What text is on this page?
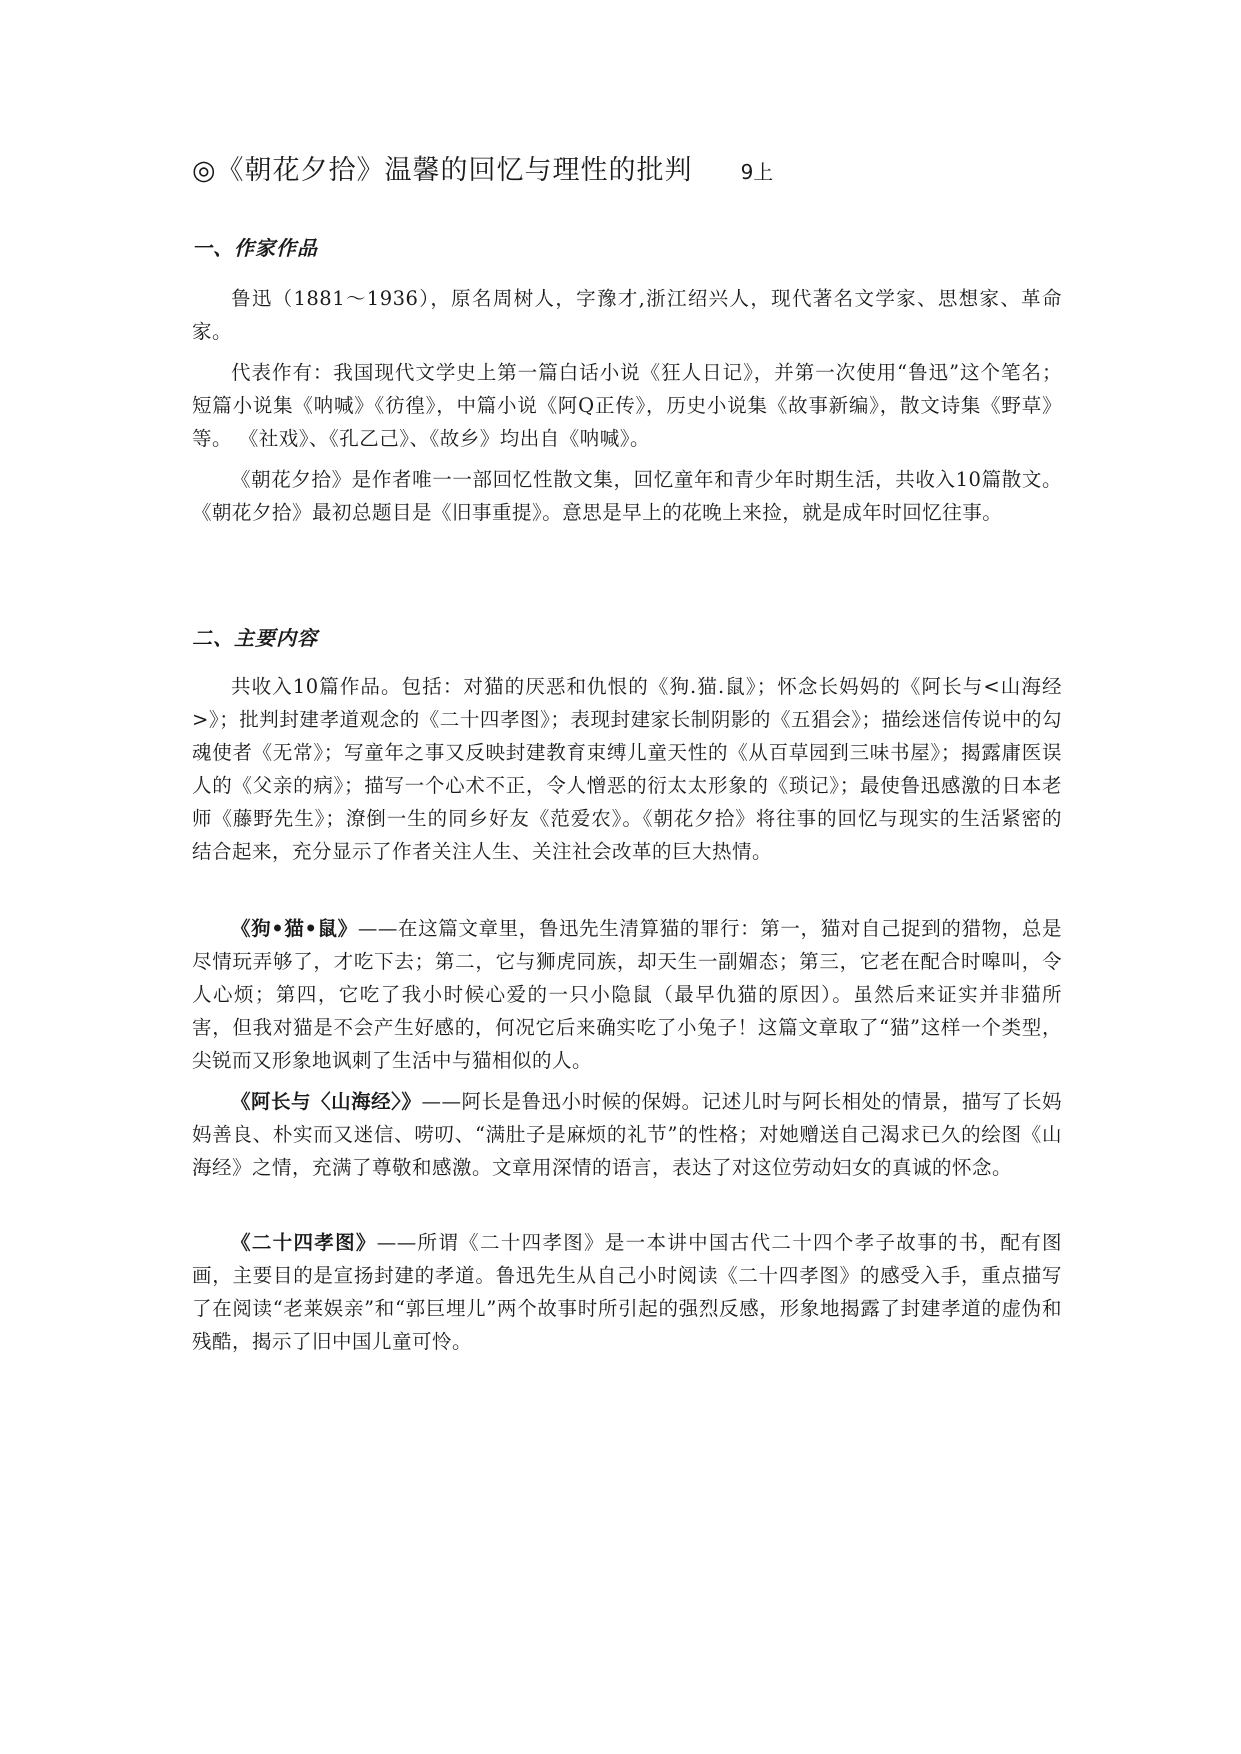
◎《朝花夕拾》温馨的回忆与理性的批判 9上
一、作家作品

鲁迅（1881～1936），原名周树人，字豫才,浙江绍兴人，现代著名文学家、思想家、革命家。

代表作有：我国现代文学史上第一篇白话小说《狂人日记》，并第一次使用“鲁迅”这个笔名；短篇小说集《呐喊》《彷徨》，中篇小说《阿Q正传》，历史小说集《故事新编》，散文诗集《野草》等。 《社戏》、《孔乙己》、《故乡》均出自《呐喊》。

《朝花夕拾》是作者唯一一部回忆性散文集，回忆童年和青少年时期生活，共收入10篇散文。《朝花夕拾》最初总题目是《旧事重提》。意思是早上的花晚上来捡，就是成年时回忆往事。

二、主要内容

共收入10篇作品。包括：对猫的厌恶和仇恨的《狗.猫.鼠》；怀念长妈妈的《阿长与<山海经>》；批判封建孝道观念的《二十四孝图》；表现封建家长制阴影的《五猖会》；描绘迷信传说中的勾魂使者《无常》；写童年之事又反映封建教育束缚儿童天性的《从百草园到三味书屋》；揭露庸医误人的《父亲的病》；描写一个心术不正，令人憎恶的衍太太形象的《琐记》；最使鲁迅感激的日本老师《藤野先生》；潦倒一生的同乡好友《范爱农》。《朝花夕拾》将往事的回忆与现实的生活紧密的结合起来，充分显示了作者关注人生、关注社会改革的巨大热情。

《狗•猫•鼠》——在这篇文章里，鲁迅先生清算猫的罪行：第一，猫对自己捉到的猎物，总是尽情玩弄够了，才吃下去；第二，它与狮虎同族，却天生一副媚态；第三，它老在配合时嗥叫，令人心烦；第四，它吃了我小时候心爱的一只小隐鼠（最早仇猫的原因）。虽然后来证实并非猫所害，但我对猫是不会产生好感的，何况它后来确实吃了小兔子！这篇文章取了“猫”这样一个类型，尖锐而又形象地讽刺了生活中与猫相似的人。

《阿长与〈山海经〉》——阿长是鲁迅小时候的保姆。记述儿时与阿长相处的情景，描写了长妈妈善良、朴实而又迷信、唠叨、“满肚子是麻烦的礼节”的性格；对她赠送自己渴求已久的绘图《山海经》之情，充满了尊敬和感激。文章用深情的语言，表达了对这位劳动妇女的真诚的怀念。

《二十四孝图》——所谓《二十四孝图》是一本讲中国古代二十四个孝子故事的书，配有图画，主要目的是宣扬封建的孝道。鲁迅先生从自己小时阅读《二十四孝图》的感受入手，重点描写了在阅读“老莱娱亲”和“郭巨埋儿”两个故事时所引起的强烈反感，形象地揭露了封建孝道的虚伪和残酷，揭示了旧中国儿童可怜。
